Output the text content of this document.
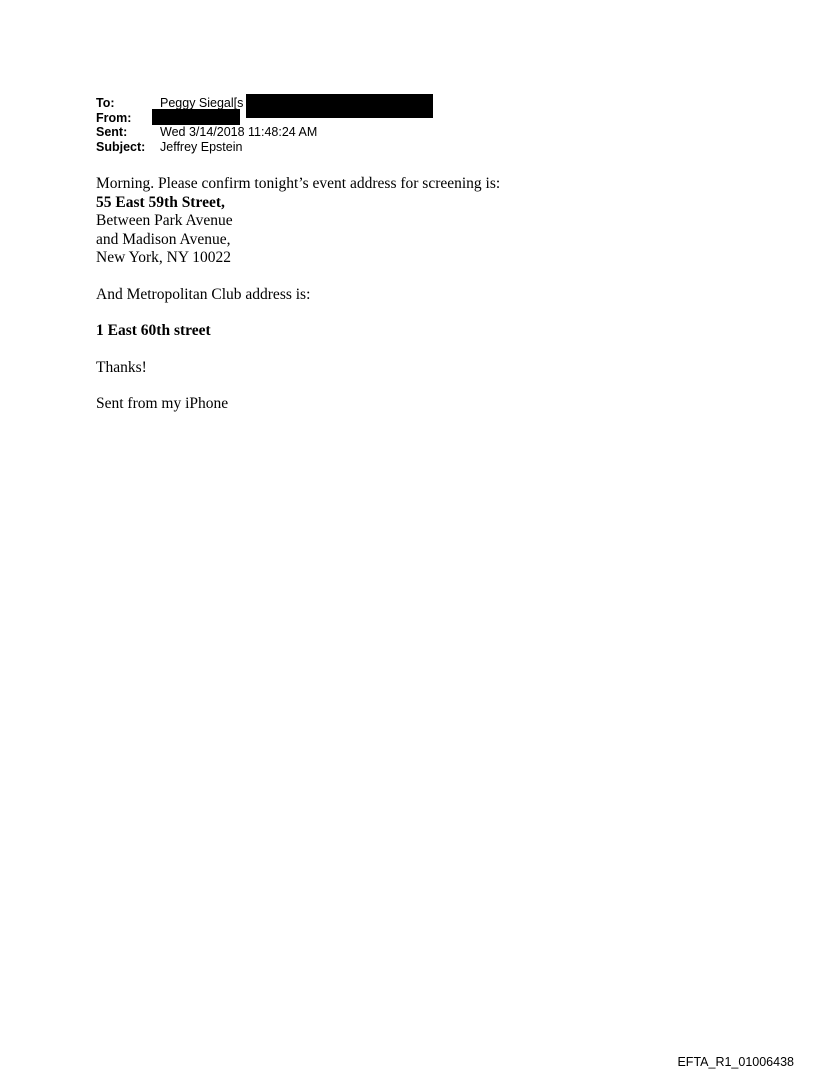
To:	Peggy Siegal[s
From:
Sent:	Wed 3/14/2018 11:48:24 AM
Subject: Jeffrey Epstein

Morning. Please confirm tonight’s event address for screening is:

55 East 59th Street,

Between Park Avenue

and Madison Avenue,

New York, NY 10022

And Metropolitan Club address is:

1 East 60th street

Thanks!

Sent from my iPhone

EFTA_R1_01006438
